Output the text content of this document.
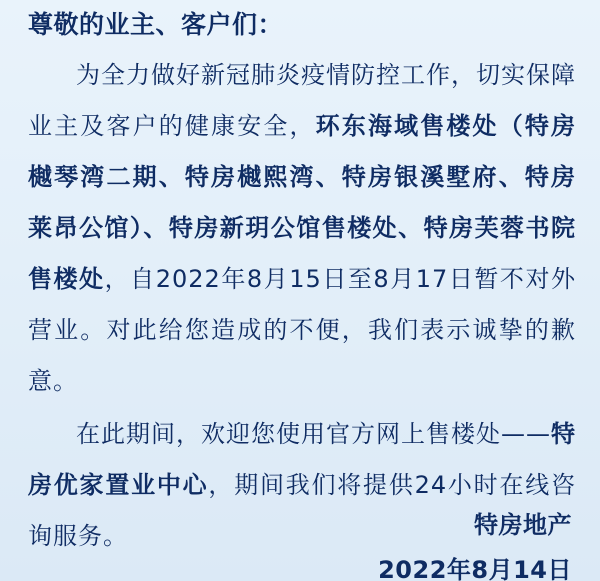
尊敬的业主、客户们：

为全力做好新冠肺炎疫情防控工作，切实保障业主及客户的健康安全，环东海域售楼处（特房樾琴湾二期、特房樾熙湾、特房银溪墅府、特房莱昂公馆）、特房新玥公馆售楼处、特房芙蓉书院售楼处，自2022年8月15日至8月17日暂不对外营业。对此给您造成的不便，我们表示诚挚的歉意。

在此期间，欢迎您使用官方网上售楼处——特房优家置业中心，期间我们将提供24小时在线咨询服务。	特房地产
2022年8月14日
